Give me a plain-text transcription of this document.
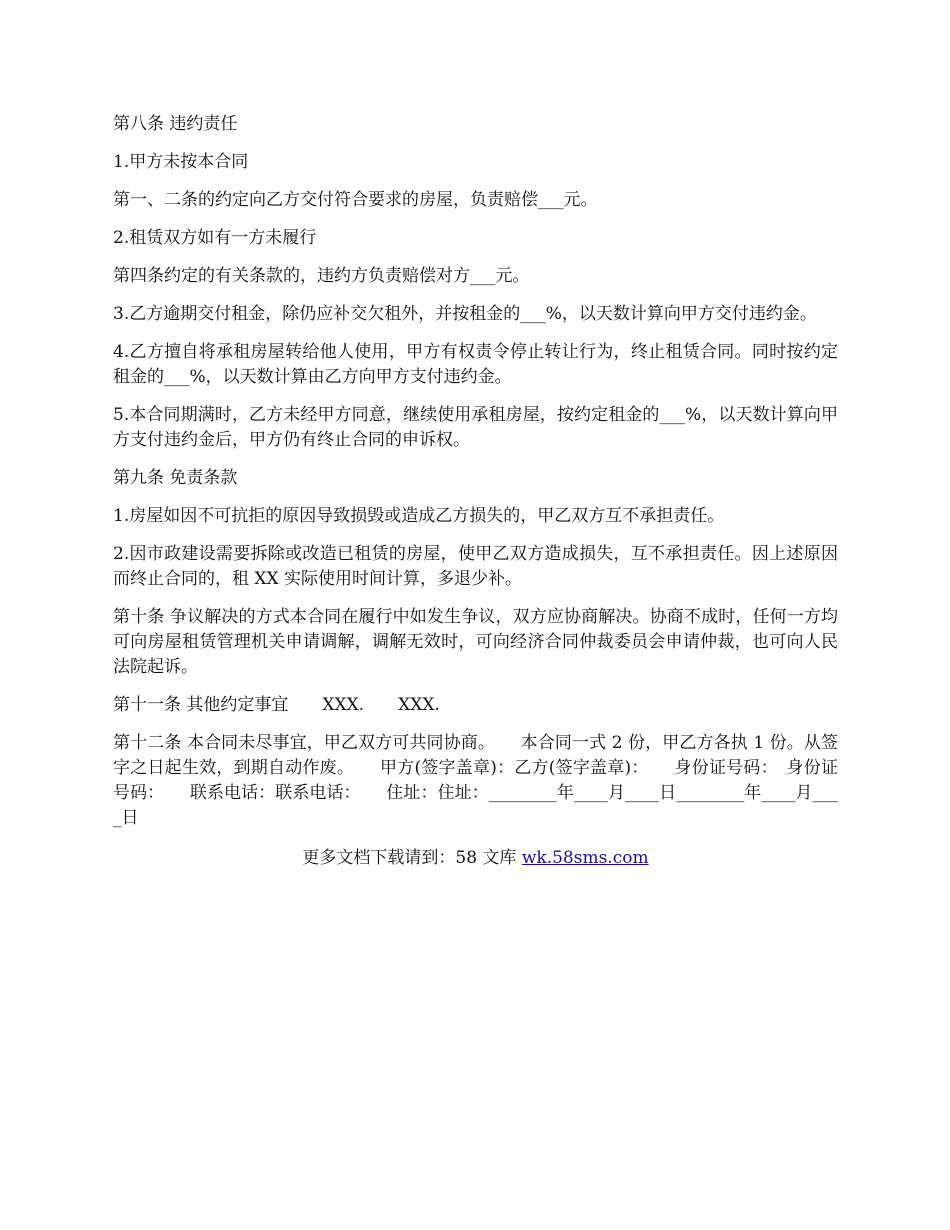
第八条 违约责任

1.甲方未按本合同

第一、二条的约定向乙方交付符合要求的房屋，负责赔偿___元。

2.租赁双方如有一方未履行

第四条约定的有关条款的，违约方负责赔偿对方___元。

3.乙方逾期交付租金，除仍应补交欠租外，并按租金的___%，以天数计算向甲方交付违约金。

4.乙方擅自将承租房屋转给他人使用，甲方有权责令停止转让行为，终止租赁合同。同时按约定租金的___%，以天数计算由乙方向甲方支付违约金。

5.本合同期满时，乙方未经甲方同意，继续使用承租房屋，按约定租金的___%，以天数计算向甲方支付违约金后，甲方仍有终止合同的申诉权。

第九条 免责条款

1.房屋如因不可抗拒的原因导致损毁或造成乙方损失的，甲乙双方互不承担责任。

2.因市政建设需要拆除或改造已租赁的房屋，使甲乙双方造成损失，互不承担责任。因上述原因而终止合同的，租 XX 实际使用时间计算，多退少补。

第十条 争议解决的方式本合同在履行中如发生争议，双方应协商解决。协商不成时，任何一方均可向房屋租赁管理机关申请调解，调解无效时，可向经济合同仲裁委员会申请仲裁，也可向人民法院起诉。

第十一条 其他约定事宜　　XXX.　　XXX.

第十二条 本合同未尽事宜，甲乙双方可共同协商。　　本合同一式 2 份，甲乙方各执 1 份。从签字之日起生效，到期自动作废。　　甲方(签字盖章)：乙方(签字盖章)：　　身份证号码：　身份证号码：　　联系电话：联系电话：　　住址：住址：________年____月____日________年____月____日

更多文档下载请到：58 文库 wk.58sms.com
